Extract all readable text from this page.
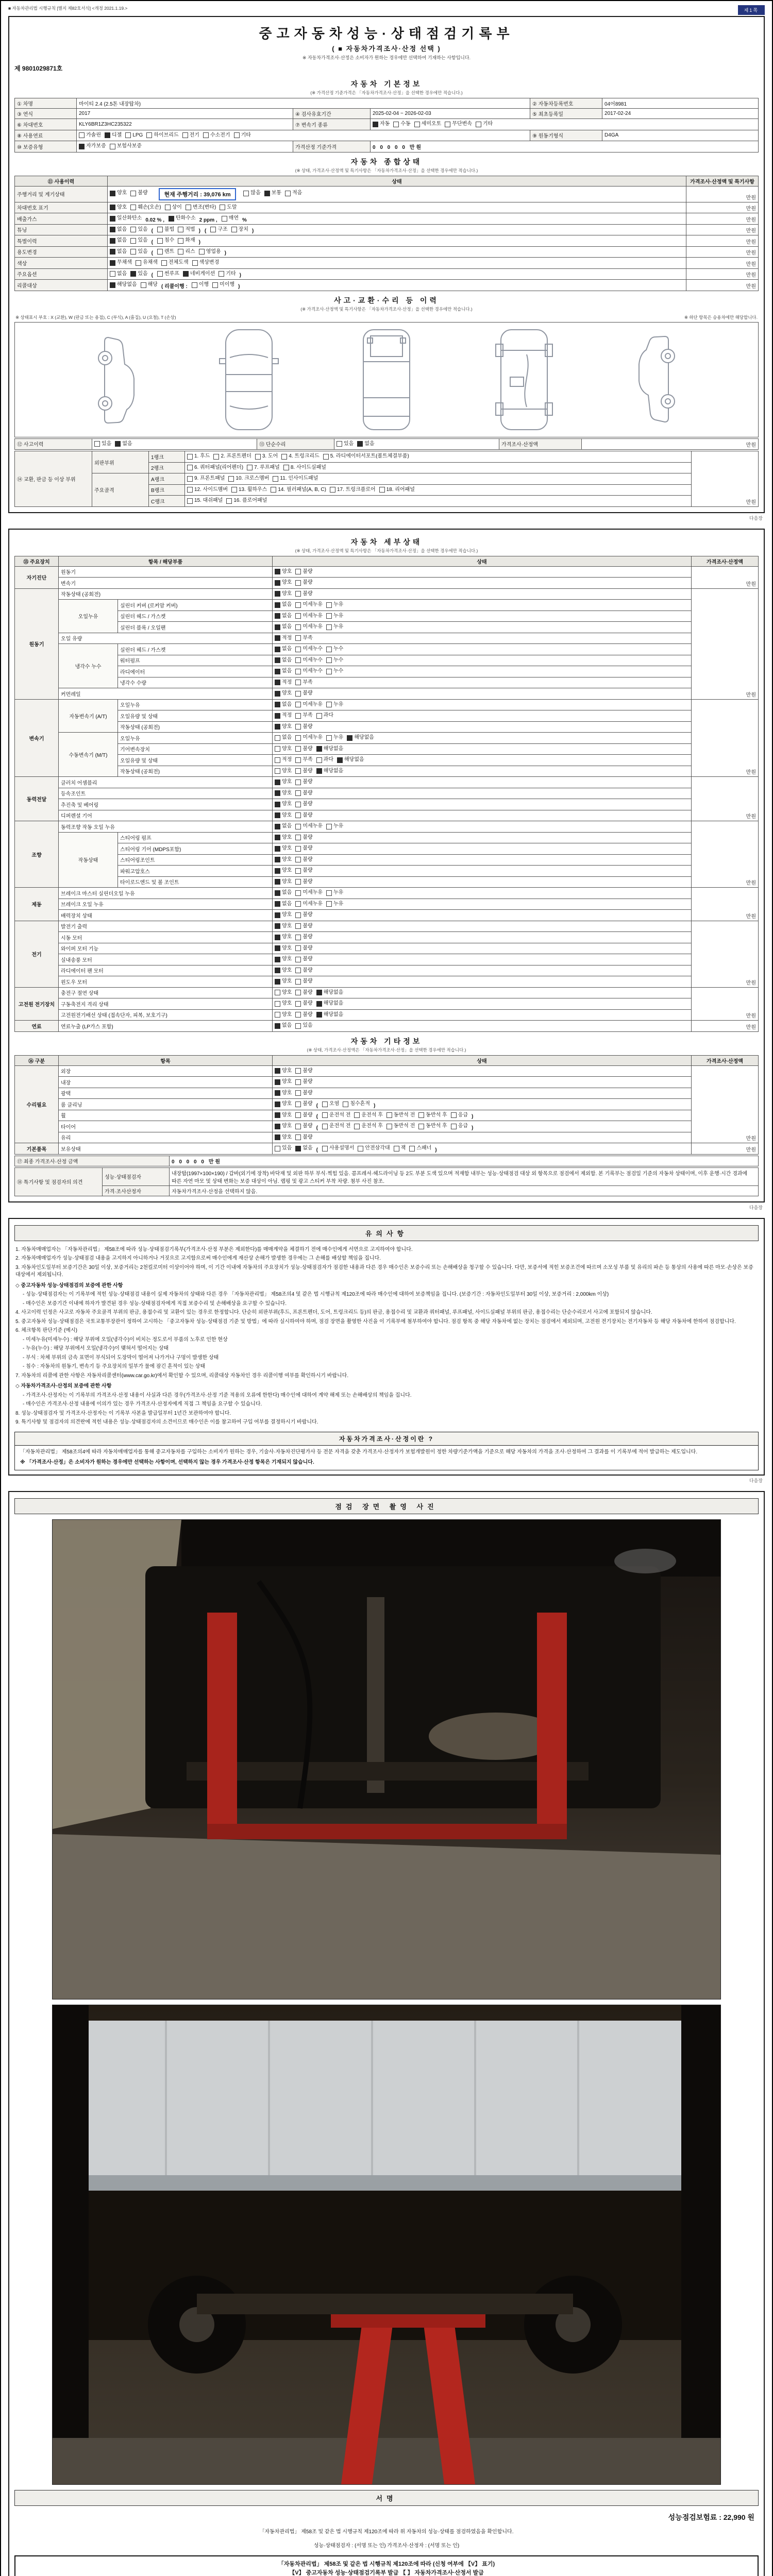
■ 자동차관리법 시행규칙 [별지 제82호서식] <개정 2021.1.19.>	제1쪽
중고자동차성능·상태점검기록부
( ■ 자동차가격조사·산정 선택 )
※ 자동차가격조사·산정은 소비자가 원하는 경우에만 선택하여 기재하는 사항입니다.
제 9801029871호
자동차 기본정보
(※ 가격산정 기준가격은 「자동차가격조사·산정」을 선택한 경우에만 적습니다.)
① 차명	마이티 2.4 (2.5톤 내장탑차)			② 자동차등록번호	04어8981
③ 연식	2017	④ 검사유효기간	2025-02-04 ~ 2026-02-03	⑤ 최초등록일	2017-02-24
⑥ 차대번호	KLY6BR1Z3HC235322	⑦ 변속기 종류	자동 수동 세미오토 무단변속 기타		

⑧ 사용연료	가솔린 디젤 LPG 하이브리드 전기 수소전기 기타	⑨ 원동기형식	D4GA
⑩ 보증유형	자가보증 보험사보증	가격산정 기준가격	0 0 0 0 0 만원		
자동차 종합상태
(※ 상태, 가격조사·산정액 및 특기사항은 「자동차가격조사·산정」을 선택한 경우에만 적습니다.)
⑪ 사용이력	상태	가격조사·산정액 및 특기사항
주행거리 및 계기상태	양호 불량	현재 주행거리 : 39,076 km	많음 보통 적음
	만원
차대번호 표기	양호 훼손(오손) 상이 변조(변타) 도말	만원
배출가스	일산화탄소 0.02 % , 탄화수소 2 ppm , 매연 %	만원
튜닝	없음 있음 ( 불법 적법 ) ( 구조 장치 )	만원
특별이력	없음 있음 ( 침수 화재 )	만원
용도변경	없음 있음 ( 렌트 리스 영업용 )	만원
색상	무채색 유채색 전체도색 색상변경	만원
주요옵션	없음 있음 ( 썬루프 네비게이션 기타 )	만원
리콜대상	해당없음 해당 ( 리콜이행 : 이행 미이행 )	만원
사고·교환·수리 등 이력
(※ 가격조사·산정액 및 특기사항은 「자동차가격조사·산정」을 선택한 경우에만 적습니다.)
※ 상태표시 부호 : X (교환), W (판금 또는 용접), C (부식), A (흠집), U (요철), T (손상)	※ 하단 항목은 승용차에만 해당합니다.
⑫ 사고이력	있음 없음	⑬ 단순수리	있음 없음	가격조사·산정액	만원
⑭ 교환, 판금 등 이상 부위	외판부위	1랭크	1. 후드 2. 프론트펜더 3. 도어 4. 트렁크리드 5. 라디에이터서포트(볼트체결부품)	만원
		2랭크	6. 쿼터패널(리어펜더) 7. 루프패널 8. 사이드실패널	

	주요골격	A랭크	9. 프론트패널 10. 크로스멤버 11. 인사이드패널	

		B랭크	12. 사이드멤버 13. 휠하우스 14. 필러패널(A, B, C) 17. 트렁크플로어 18. 리어패널	

		C랭크	15. 대쉬패널 16. 플로어패널	
다음장
자동차 세부상태
(※ 상태, 가격조사·산정액 및 특기사항은 「자동차가격조사·산정」을 선택한 경우에만 적습니다.)
⑮ 주요장치	항목 / 해당부품		상태	가격조사·산정액
자기진단	원동기		양호 불량	만원
	변속기		양호 불량	

원동기	작동상태 (공회전)		양호 불량	만원
	오일누유	실린더 커버 (로커암 커버)	없음 미세누유 누유	

		실린더 헤드 / 가스켓	없음 미세누유 누유	

		실린더 블록 / 오일팬	없음 미세누유 누유	

	오일 유량		적정 부족	

	냉각수 누수	실린더 헤드 / 가스켓	없음 미세누수 누수	

		워터펌프	없음 미세누수 누수	

		라디에이터	없음 미세누수 누수	

		냉각수 수량	적정 부족	

	커먼레일		양호 불량	

변속기	자동변속기 (A/T)	오일누유	없음 미세누유 누유	만원
		오일유량 및 상태	적정 부족 과다	

		작동상태 (공회전)	양호 불량	

	수동변속기 (M/T)	오일누유	없음 미세누유 누유 해당없음	

		기어변속장치	양호 불량 해당없음	

		오일유량 및 상태	적정 부족 과다 해당없음	

		작동상태 (공회전)	양호 불량 해당없음	

동력전달	클러치 어셈블리		양호 불량	만원
	등속조인트		양호 불량	

	추진축 및 베어링		양호 불량	

	디퍼렌셜 기어		양호 불량	

조향	동력조향 작동 오일 누유		없음 미세누유 누유	만원
	작동상태	스티어링 펌프	양호 불량	

		스티어링 기어 (MDPS포함)	양호 불량	

		스티어링조인트	양호 불량	

		파워고압호스	양호 불량	

		타이로드엔드 및 볼 조인트	양호 불량	

제동	브레이크 마스터 실린더오일 누유		없음 미세누유 누유	만원
	브레이크 오일 누유		없음 미세누유 누유	

	배력장치 상태		양호 불량	

전기	발전기 출력		양호 불량	만원
	시동 모터		양호 불량	

	와이퍼 모터 기능		양호 불량	

	실내송풍 모터		양호 불량	

	라디에이터 팬 모터		양호 불량	

	윈도우 모터		양호 불량	

고전원 전기장치	충전구 절연 상태		양호 불량 해당없음	만원
	구동축전지 격리 상태		양호 불량 해당없음	

	고전원전기배선 상태 (접속단자, 피복, 보호기구)		양호 불량 해당없음	

연료	연료누출 (LP가스 포함)		없음 있음	만원
자동차 기타정보
(※ 상태, 가격조사·산정액은 「자동차가격조사·산정」을 선택한 경우에만 적습니다.)
⑯ 구분	항목	상태	가격조사·산정액
수리필요	외장	양호 불량	만원
	내장	양호 불량	

	광택	양호 불량	

룸 클리닝	양호 불량 ( 오염 침수흔적 )
휠	양호 불량 ( 운전석 전 운전석 후 동반석 전 동반석 후 응급 )
타이어	양호 불량 ( 운전석 전 운전석 후 동반석 전 동반석 후 응급 )
	유리	양호 불량	

기본품목	보유상태	있음 없음 ( 사용설명서 안전삼각대 잭 스패너 )	만원
⑰ 최종 가격조사·산정 금액	0 0 0 0 0 만원
⑱ 특기사항 및 점검자의 의견	성능·상태점검자	내장탑(1997×100×190) / 갑바(외기에 장착) 바닥재 및 외판 하부 부식·찍힘 있음. 콤프레셔·헤드라이닝 등 2도 부분 도색 있으며 적재함 내부는 성능·상태점검 대상 외 항목으로 점검에서 제외함. 본 기록부는 점검일 기준의 자동차 상태이며, 이후 운행·시간 경과에 따른 자연 마모 및 상태 변화는 보증 대상이 아님. 랩핑 및 광고 스티커 부착 차량. 첨부 사진 참조.
	가격·조사산정자	자동차가격조사·산정을 선택하지 않음.
다음장
유의사항

1. 자동차매매업자는 「자동차관리법」 제58조에 따라 성능·상태점검기록부(가격조사·산정 부분은 제외한다)를 매매계약을 체결하기 전에 매수인에게 서면으로 고지하여야 합니다.

2. 자동차매매업자가 성능·상태점검 내용을 고지하지 아니하거나 거짓으로 고지함으로써 매수인에게 재산상 손해가 발생한 경우에는 그 손해를 배상할 책임을 집니다.

3. 자동차인도일부터 보증기간은 30일 이상, 보증거리는 2천킬로미터 이상이어야 하며, 이 기간 이내에 자동차의 주요장치가 성능·상태점검자가 점검한 내용과 다른 경우 매수인은 보증수리 또는 손해배상을 청구할 수 있습니다. 다만, 보증서에 적힌 보증조건에 따르며 소모성 부품 및 유리의 파손 등 통상의 사용에 따른 마모·손상은 보증 대상에서 제외됩니다.

◇ 중고자동차 성능·상태점검의 보증에 관한 사항

- 성능·상태점검자는 이 기록부에 적힌 성능·상태점검 내용이 실제 자동차의 상태와 다른 경우 「자동차관리법」 제58조의4 및 같은 법 시행규칙 제120조에 따라 매수인에 대하여 보증책임을 집니다. (보증기간 : 자동차인도일부터 30일 이상, 보증거리 : 2,000km 이상)

- 매수인은 보증기간 이내에 하자가 발견된 경우 성능·상태점검자에게 직접 보증수리 및 손해배상을 요구할 수 있습니다.

4. 사고이력 인정은 사고로 자동차 주요골격 부위의 판금, 용접수리 및 교환이 있는 경우로 한정합니다. 단순히 외판부위(후드, 프론트펜더, 도어, 트렁크리드 등)의 판금, 용접수리 및 교환과 쿼터패널, 루프패널, 사이드실패널 부위의 판금, 용접수리는 단순수리로서 사고에 포함되지 않습니다.

5. 중고자동차 성능·상태점검은 국토교통부장관이 정하여 고시하는 「중고자동차 성능·상태점검 기준 및 방법」에 따라 실시하여야 하며, 점검 장면을 촬영한 사진을 이 기록부에 첨부하여야 합니다. 점검 항목 중 해당 자동차에 없는 장치는 점검에서 제외되며, 고전원 전기장치는 전기자동차 등 해당 자동차에 한하여 점검합니다.

6. 체크항목 판단기준 (예시)

- 미세누유(미세누수) : 해당 부위에 오일(냉각수)이 비치는 정도로서 부품의 노후로 인한 현상

- 누유(누수) : 해당 부위에서 오일(냉각수)이 맺혀서 떨어지는 상태

- 부식 : 차체 부위의 금속 표면이 부식되어 도장막이 떨어져 나가거나 구멍이 발생한 상태

- 침수 : 자동차의 원동기, 변속기 등 주요장치의 일부가 물에 잠긴 흔적이 있는 상태

7. 자동차의 리콜에 관한 사항은 자동차리콜센터(www.car.go.kr)에서 확인할 수 있으며, 리콜대상 자동차인 경우 리콜이행 여부를 확인하시기 바랍니다.

◇ 자동차가격조사·산정의 보증에 관한 사항

- 가격조사·산정자는 이 기록부의 가격조사·산정 내용이 사실과 다른 경우(가격조사·산정 기준 적용의 오류에 한한다) 매수인에 대하여 계약 해제 또는 손해배상의 책임을 집니다.

- 매수인은 가격조사·산정 내용에 이의가 있는 경우 가격조사·산정자에게 직접 그 책임을 요구할 수 있습니다.

8. 성능·상태점검자 및 가격조사·산정자는 이 기록부 사본을 발급일부터 1년간 보관하여야 합니다.

9. 특기사항 및 점검자의 의견란에 적힌 내용은 성능·상태점검자의 소견이므로 매수인은 이를 참고하여 구입 여부를 결정하시기 바랍니다.

자동차가격조사·산정이란 ?
「자동차관리법」 제58조의4에 따라 자동차매매업자를 통해 중고자동차를 구입하는 소비자가 원하는 경우, 기술사·자동차진단평가사 등 전문 자격을 갖춘 가격조사·산정자가 보험개발원이 정한 차량기준가액을 기준으로 해당 자동차의 가격을 조사·산정하여 그 결과를 이 기록부에 적어 발급하는 제도입니다.
※ 「가격조사·산정」은 소비자가 원하는 경우에만 선택하는 사항이며, 선택하지 않는 경우 가격조사·산정 항목은 기재되지 않습니다.
다음장
점검 장면 촬영 사진
서명
성능점검보험료 : 22,990 원

「자동차관리법」 제58조 및 같은 법 시행규칙 제120조에 따라 위 자동차의 성능·상태를 점검하였음을 확인합니다.

성능·상태점검자 : (서명 또는 인) 가격조사·산정자 : (서명 또는 인)

「자동차관리법」 제58조 및 같은 법 시행규칙 제120조에 따라 (신청 여부에 【V】 표기)
【V】 중고자동차 성능·상태점검기록부 발급 【 】 자동차가격조사·산정서 발급
